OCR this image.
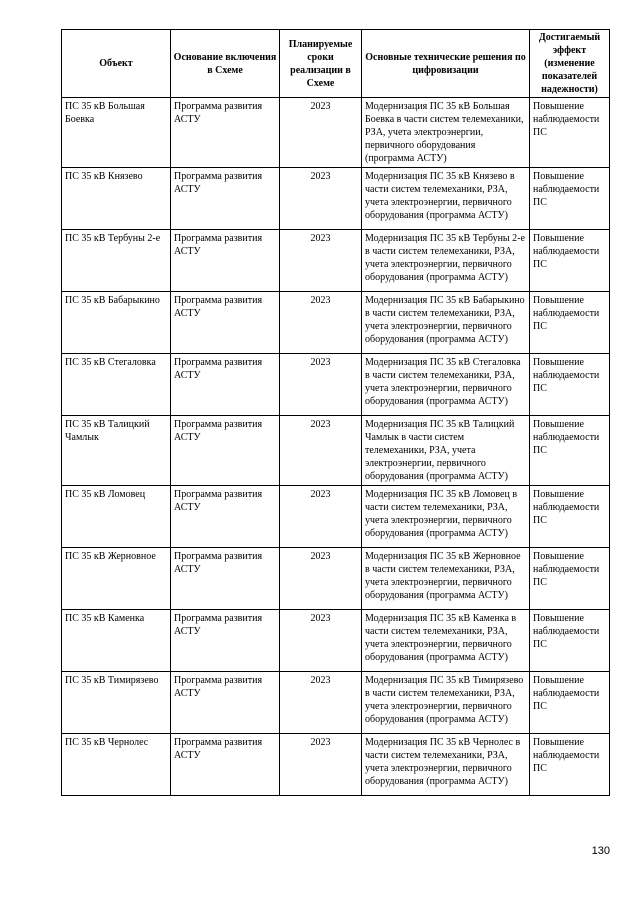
Объект	Основание включения в Схеме	Планируемые сроки реализации в Схеме	Основные технические решения по цифровизации	Достигаемый эффект (изменение показателей надежности)
ПС 35 кВ Большая Боевка	Программа развития АСТУ	2023	Модернизация ПС 35 кВ Большая Боевка в части систем телемеханики, РЗА, учета электроэнергии, первичного оборудования (программа АСТУ)	Повышение наблюдаемости ПС
ПС 35 кВ Князево	Программа развития АСТУ	2023	Модернизация ПС 35 кВ Князево в части систем телемеханики, РЗА, учета электроэнергии, первичного оборудования (программа АСТУ)	Повышение наблюдаемости ПС
ПС 35 кВ Тербуны 2-е	Программа развития АСТУ	2023	Модернизация ПС 35 кВ Тербуны 2-е в части систем телемеханики, РЗА, учета электроэнергии, первичного оборудования (программа АСТУ)	Повышение наблюдаемости ПС
ПС 35 кВ Бабарыкино	Программа развития АСТУ	2023	Модернизация ПС 35 кВ Бабарыкино в части систем телемеханики, РЗА, учета электроэнергии, первичного оборудования (программа АСТУ)	Повышение наблюдаемости ПС
ПС 35 кВ Стегаловка	Программа развития АСТУ	2023	Модернизация ПС 35 кВ Стегаловка в части систем телемеханики, РЗА, учета электроэнергии, первичного оборудования (программа АСТУ)	Повышение наблюдаемости ПС
ПС 35 кВ Талицкий Чамлык	Программа развития АСТУ	2023	Модернизация ПС 35 кВ Талицкий Чамлык в части систем телемеханики, РЗА, учета электроэнергии, первичного оборудования (программа АСТУ)	Повышение наблюдаемости ПС
ПС 35 кВ Ломовец	Программа развития АСТУ	2023	Модернизация ПС 35 кВ Ломовец в части систем телемеханики, РЗА, учета электроэнергии, первичного оборудования (программа АСТУ)	Повышение наблюдаемости ПС
ПС 35 кВ Жерновное	Программа развития АСТУ	2023	Модернизация ПС 35 кВ Жерновное в части систем телемеханики, РЗА, учета электроэнергии, первичного оборудования (программа АСТУ)	Повышение наблюдаемости ПС
ПС 35 кВ Каменка	Программа развития АСТУ	2023	Модернизация ПС 35 кВ Каменка в части систем телемеханики, РЗА, учета электроэнергии, первичного оборудования (программа АСТУ)	Повышение наблюдаемости ПС
ПС 35 кВ Тимирязево	Программа развития АСТУ	2023	Модернизация ПС 35 кВ Тимирязево в части систем телемеханики, РЗА, учета электроэнергии, первичного оборудования (программа АСТУ)	Повышение наблюдаемости ПС
ПС 35 кВ Чернолес	Программа развития АСТУ	2023	Модернизация ПС 35 кВ Чернолес в части систем телемеханики, РЗА, учета электроэнергии, первичного оборудования (программа АСТУ)	Повышение наблюдаемости ПС
130
